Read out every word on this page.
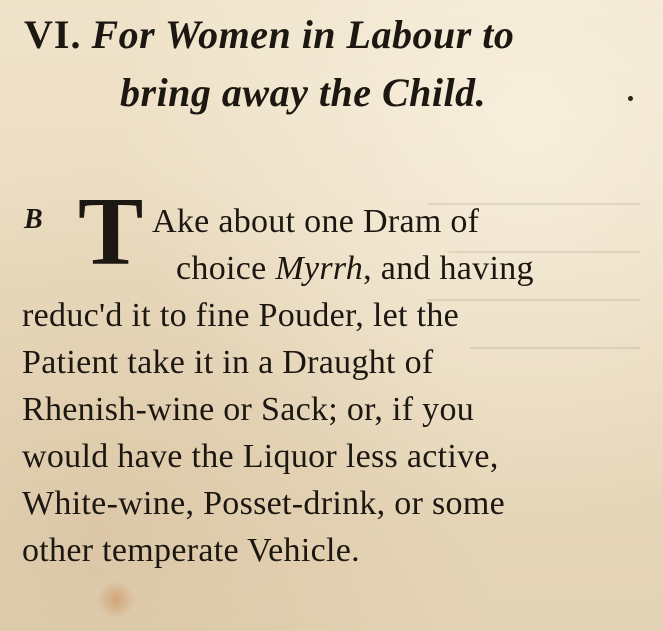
──────────
─────────
──────────
────────
VI. For Women in Labour to
bring away the Child.
B T Ake about one Dram of
choice Myrrh, and having
reduc'd it to fine Pouder, let the
Patient take it in a Draught of
Rhenish-wine or Sack; or, if you
would have the Liquor less active,
White-wine, Posset-drink, or some
other temperate Vehicle.
